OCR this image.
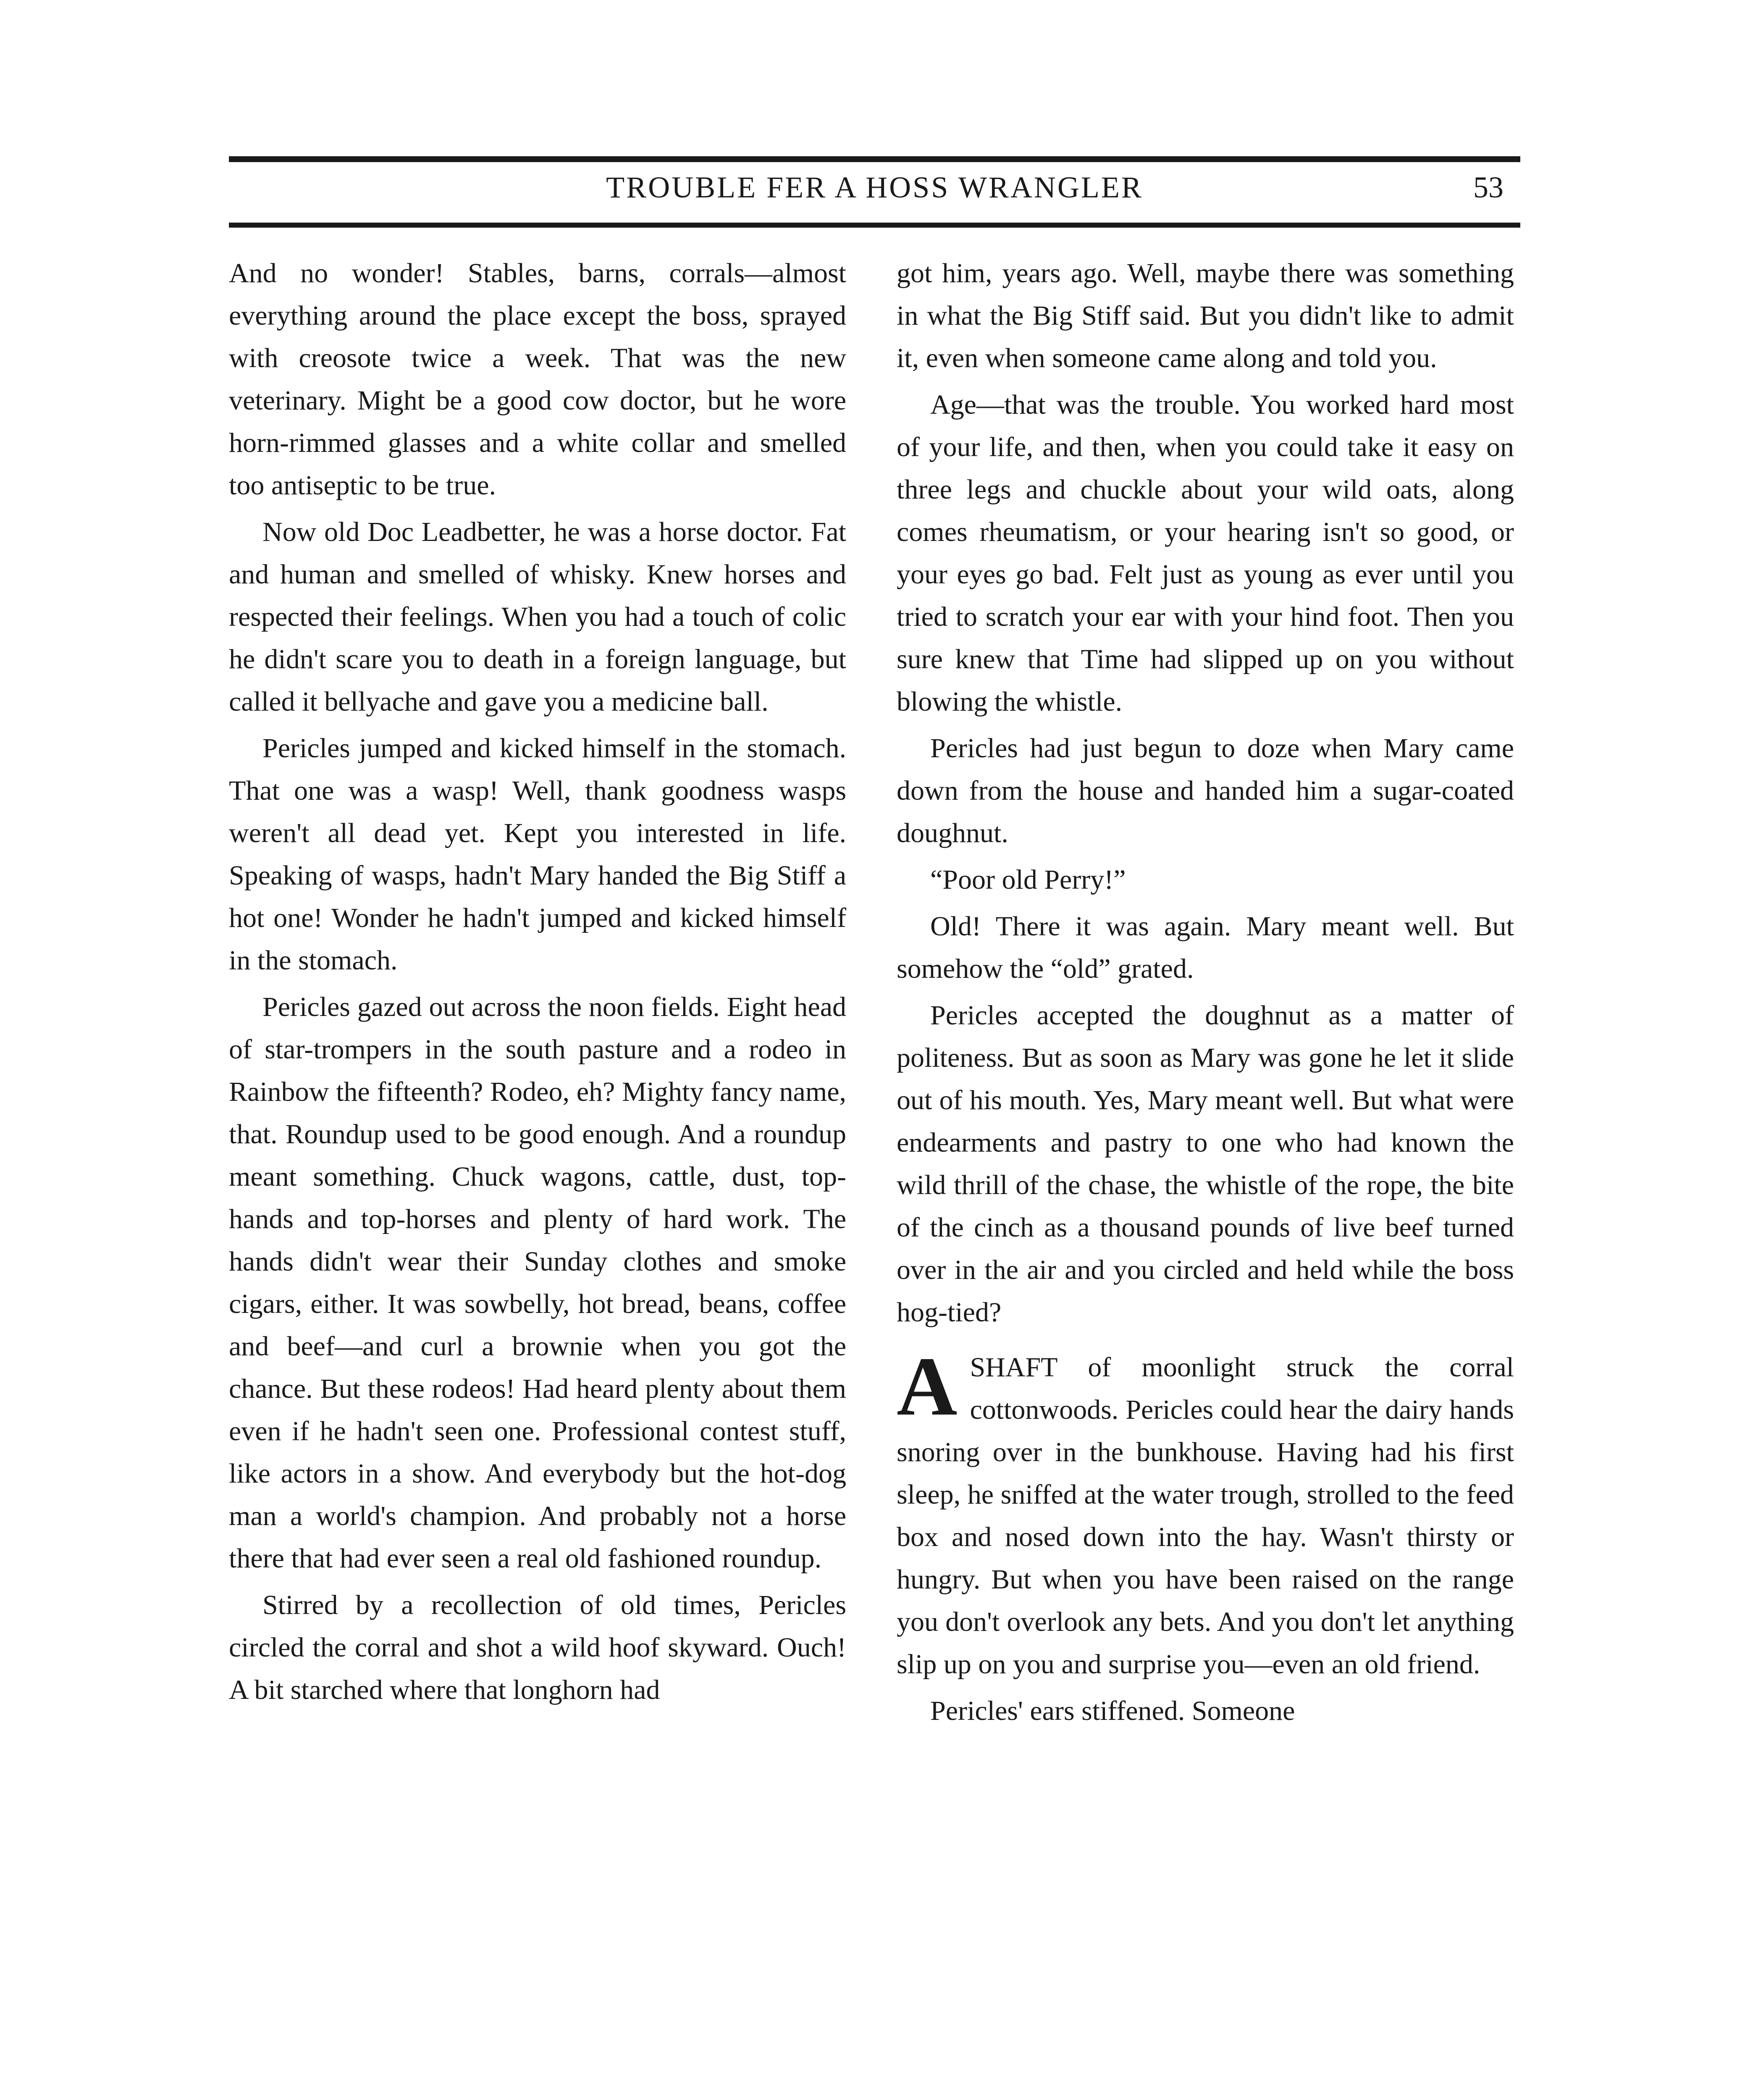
TROUBLE FER A HOSS WRANGLER	53

And no wonder! Stables, barns, corrals—almost everything around the place except the boss, sprayed with creosote twice a week. That was the new veterinary. Might be a good cow doctor, but he wore horn-rimmed glasses and a white collar and smelled too antiseptic to be true.

Now old Doc Leadbetter, he was a horse doctor. Fat and human and smelled of whisky. Knew horses and respected their feelings. When you had a touch of colic he didn't scare you to death in a foreign language, but called it bellyache and gave you a medicine ball.

Pericles jumped and kicked himself in the stomach. That one was a wasp! Well, thank goodness wasps weren't all dead yet. Kept you interested in life. Speaking of wasps, hadn't Mary handed the Big Stiff a hot one! Wonder he hadn't jumped and kicked himself in the stomach.

Pericles gazed out across the noon fields. Eight head of star-trompers in the south pasture and a rodeo in Rainbow the fifteenth? Rodeo, eh? Mighty fancy name, that. Roundup used to be good enough. And a roundup meant something. Chuck wagons, cattle, dust, top-hands and top-horses and plenty of hard work. The hands didn't wear their Sunday clothes and smoke cigars, either. It was sowbelly, hot bread, beans, coffee and beef—and curl a brownie when you got the chance. But these rodeos! Had heard plenty about them even if he hadn't seen one. Professional contest stuff, like actors in a show. And everybody but the hot-dog man a world's champion. And probably not a horse there that had ever seen a real old fashioned roundup.

Stirred by a recollection of old times, Pericles circled the corral and shot a wild hoof skyward. Ouch! A bit starched where that longhorn had

got him, years ago. Well, maybe there was something in what the Big Stiff said. But you didn't like to admit it, even when someone came along and told you.

Age—that was the trouble. You worked hard most of your life, and then, when you could take it easy on three legs and chuckle about your wild oats, along comes rheumatism, or your hearing isn't so good, or your eyes go bad. Felt just as young as ever until you tried to scratch your ear with your hind foot. Then you sure knew that Time had slipped up on you without blowing the whistle.

Pericles had just begun to doze when Mary came down from the house and handed him a sugar-coated doughnut.

“Poor old Perry!”

Old! There it was again. Mary meant well. But somehow the “old” grated.

Pericles accepted the doughnut as a matter of politeness. But as soon as Mary was gone he let it slide out of his mouth. Yes, Mary meant well. But what were endearments and pastry to one who had known the wild thrill of the chase, the whistle of the rope, the bite of the cinch as a thousand pounds of live beef turned over in the air and you circled and held while the boss hog-tied?

ASHAFT of moonlight struck the corral cottonwoods. Pericles could hear the dairy hands snoring over in the bunkhouse. Having had his first sleep, he sniffed at the water trough, strolled to the feed box and nosed down into the hay. Wasn't thirsty or hungry. But when you have been raised on the range you don't overlook any bets. And you don't let anything slip up on you and surprise you—even an old friend.

Pericles' ears stiffened. Someone
